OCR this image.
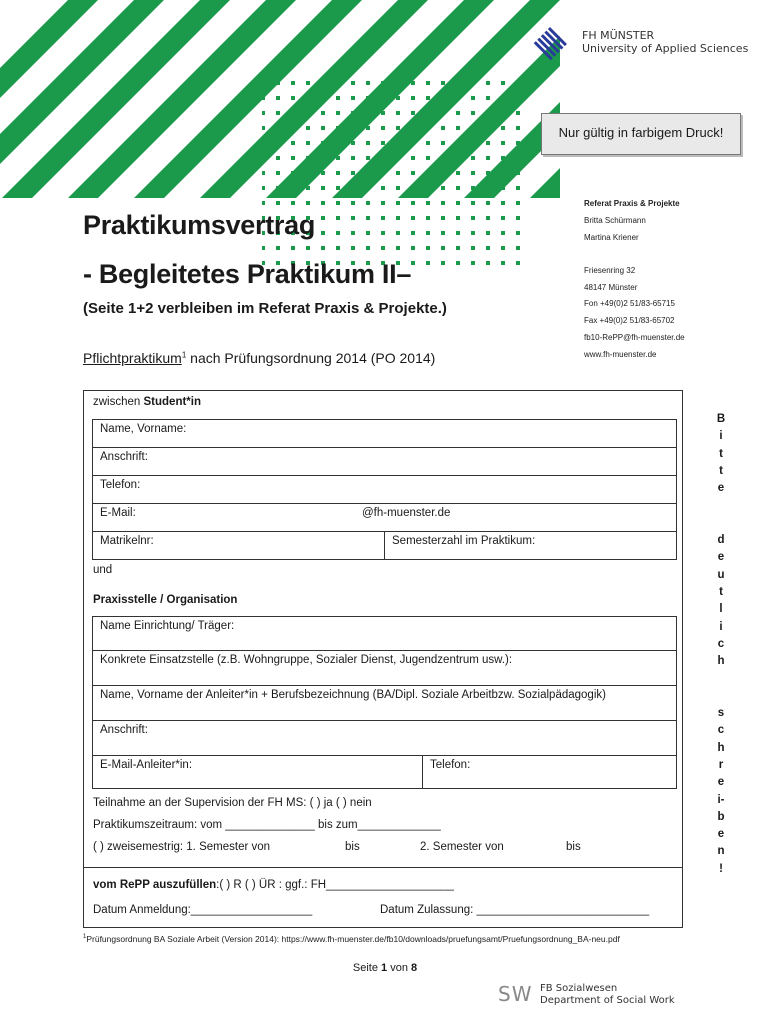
FH MÜNSTER
University of Applied Sciences
Nur gültig in farbigem Druck!
Referat Praxis & Projekte
Britta Schürmann
Martina Kriener
Friesenring 32
48147 Münster
Fon +49(0)2 51/83-65715
Fax +49(0)2 51/83-65702
fb10-RePP@fh-muenster.de
www.fh-muenster.de
Praktikumsvertrag
- Begleitetes Praktikum II–
(Seite 1+2 verbleiben im Referat Praxis & Projekte.)
Pflichtpraktikum$^1$ nach Prüfungsordnung 2014 (PO 2014)
zwischen Student*in
Name, Vorname:
Anschrift:
Telefon:
E-Mail:	@fh-muenster.de
Matrikelnr:	Semesterzahl im Praktikum:
und
Praxisstelle / Organisation
Name Einrichtung/ Träger:
Konkrete Einsatzstelle (z.B. Wohngruppe, Sozialer Dienst, Jugendzentrum usw.):
Name, Vorname der Anleiter*in + Berufsbezeichnung (BA/Dipl. Soziale Arbeitbzw. Sozialpädagogik)
Anschrift:
E-Mail-Anleiter*in:	Telefon:
Teilnahme an der Supervision der FH MS: ( ) ja ( ) nein
Praktikumszeitraum: vom ______________ bis zum_____________
( ) zweisemestrig: 1. Semester von	bis	2. Semester von	bis
vom RePP auszufüllen:( ) R ( ) ÜR : ggf.: FH____________________
Datum Anmeldung:___________________	Datum Zulassung: ___________________________
B
i
t
t
e
d
e
u
t
l
i
c
h
s
c
h
r
e
i-
b
e
n
!
$^1$Prüfungsordnung BA Soziale Arbeit (Version 2014): https://www.fh-muenster.de/fb10/downloads/pruefungsamt/Pruefungsordnung_BA-neu.pdf
Seite 1 von 8
SW FB Sozialwesen
Department of Social Work
